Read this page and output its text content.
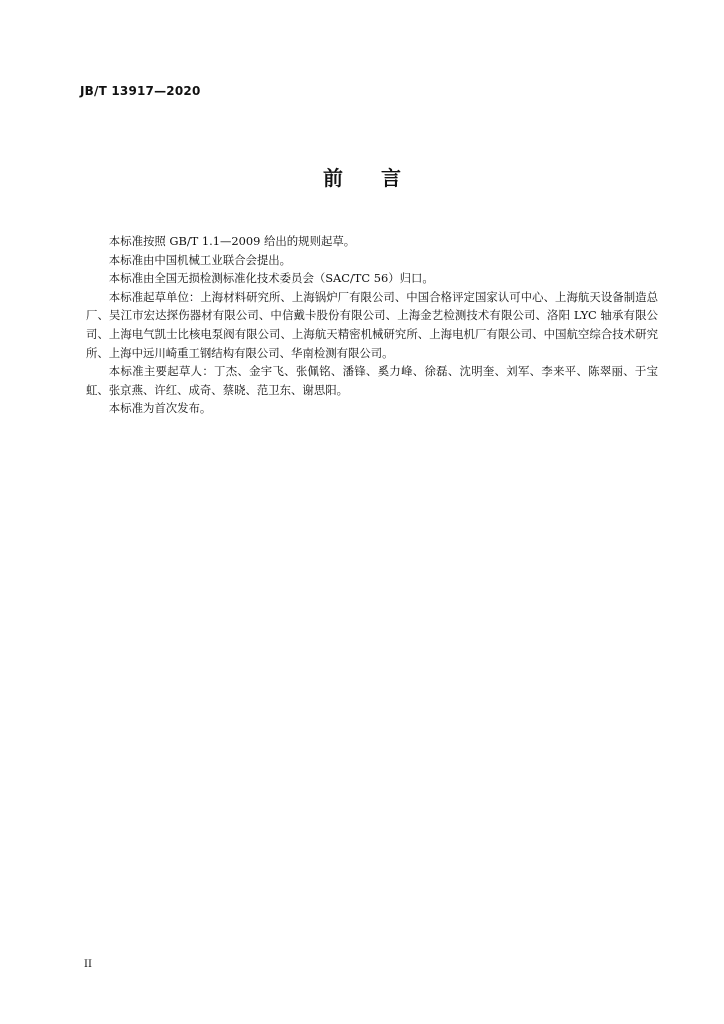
JB/T 13917—2020
前 言

本标准按照 GB/T 1.1—2009 给出的规则起草。

本标准由中国机械工业联合会提出。

本标准由全国无损检测标准化技术委员会（SAC/TC 56）归口。

本标准起草单位：上海材料研究所、上海锅炉厂有限公司、中国合格评定国家认可中心、上海航天设备制造总厂、吴江市宏达探伤器材有限公司、中信戴卡股份有限公司、上海金艺检测技术有限公司、洛阳 LYC 轴承有限公司、上海电气凯士比核电泵阀有限公司、上海航天精密机械研究所、上海电机厂有限公司、中国航空综合技术研究所、上海中远川崎重工钢结构有限公司、华南检测有限公司。

本标准主要起草人：丁杰、金宇飞、张佩铭、潘锋、奚力峰、徐磊、沈明奎、刘军、李来平、陈翠丽、于宝虹、张京燕、许红、成奇、蔡晓、范卫东、谢思阳。

本标准为首次发布。

II
